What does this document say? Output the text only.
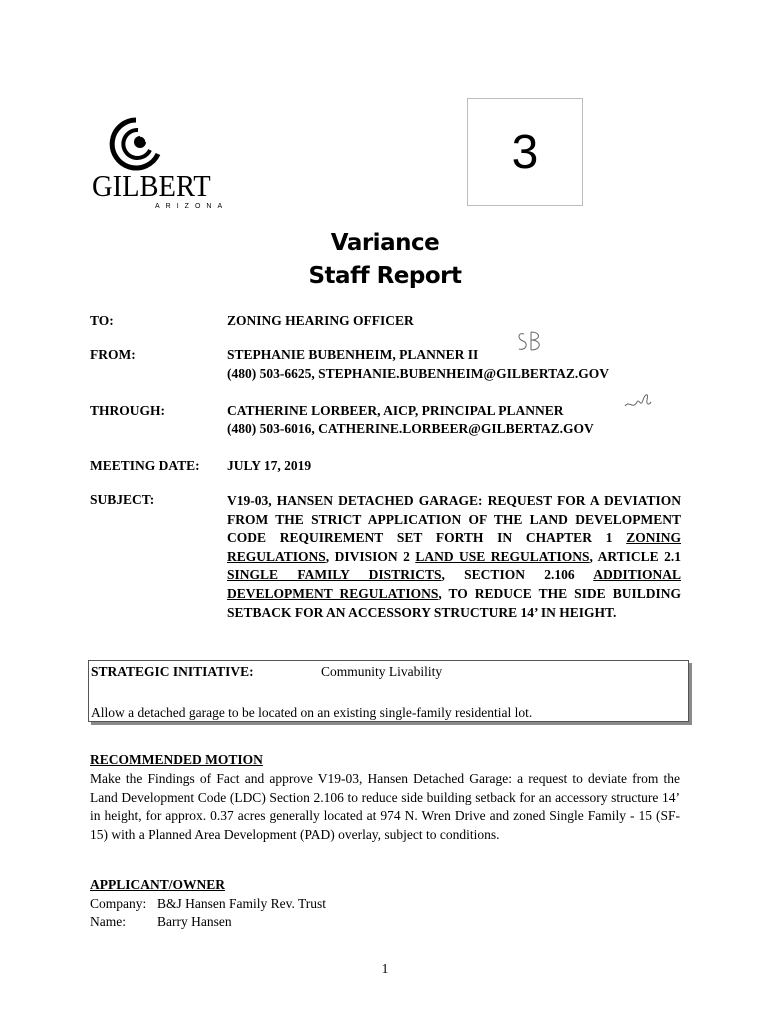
GILBERT
ARIZONA
3
Variance
Staff Report
TO:	ZONING HEARING OFFICER
FROM:	STEPHANIE BUBENHEIM, PLANNER II
(480) 503-6625, STEPHANIE.BUBENHEIM@GILBERTAZ.GOV
THROUGH:	CATHERINE LORBEER, AICP, PRINCIPAL PLANNER
(480) 503-6016, CATHERINE.LORBEER@GILBERTAZ.GOV
MEETING DATE: JULY 17, 2019
SUBJECT:	V19-03, HANSEN DETACHED GARAGE: REQUEST FOR A DEVIATION FROM THE STRICT APPLICATION OF THE LAND DEVELOPMENT CODE REQUIREMENT SET FORTH IN CHAPTER 1 ZONING REGULATIONS, DIVISION 2 LAND USE REGULATIONS, ARTICLE 2.1 SINGLE FAMILY DISTRICTS, SECTION 2.106 ADDITIONAL DEVELOPMENT REGULATIONS, TO REDUCE THE SIDE BUILDING SETBACK FOR AN ACCESSORY STRUCTURE 14’ IN HEIGHT.
STRATEGIC INITIATIVE:	Community Livability
Allow a detached garage to be located on an existing single-family residential lot.
RECOMMENDED MOTION
Make the Findings of Fact and approve V19-03, Hansen Detached Garage: a request to deviate from the Land Development Code (LDC) Section 2.106 to reduce side building setback for an accessory structure 14’ in height, for approx. 0.37 acres generally located at 974 N. Wren Drive and zoned Single Family - 15 (SF-15) with a Planned Area Development (PAD) overlay, subject to conditions.
APPLICANT/OWNER
Company: B&J Hansen Family Rev. Trust
Name: Barry Hansen
1
